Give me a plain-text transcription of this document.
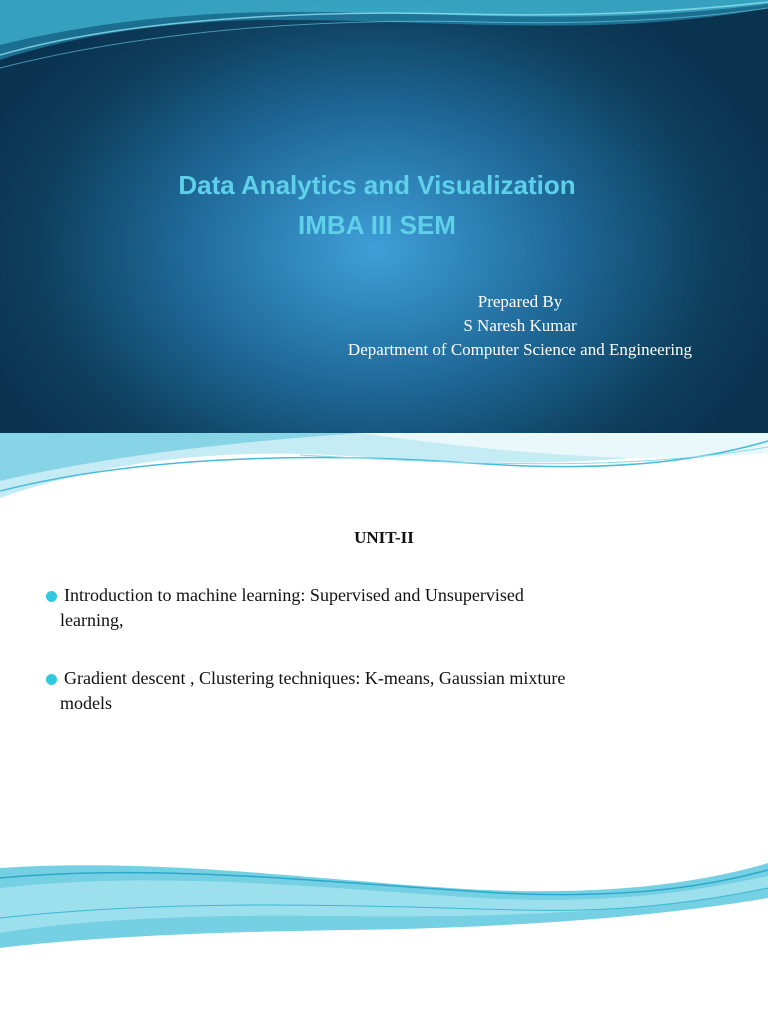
Data Analytics and Visualization
IMBA III SEM
Prepared By
S Naresh Kumar
Department of Computer Science and Engineering
UNIT-II
Introduction to machine learning: Supervised and Unsupervised
learning,
Gradient descent , Clustering techniques: K-means, Gaussian mixture
models
